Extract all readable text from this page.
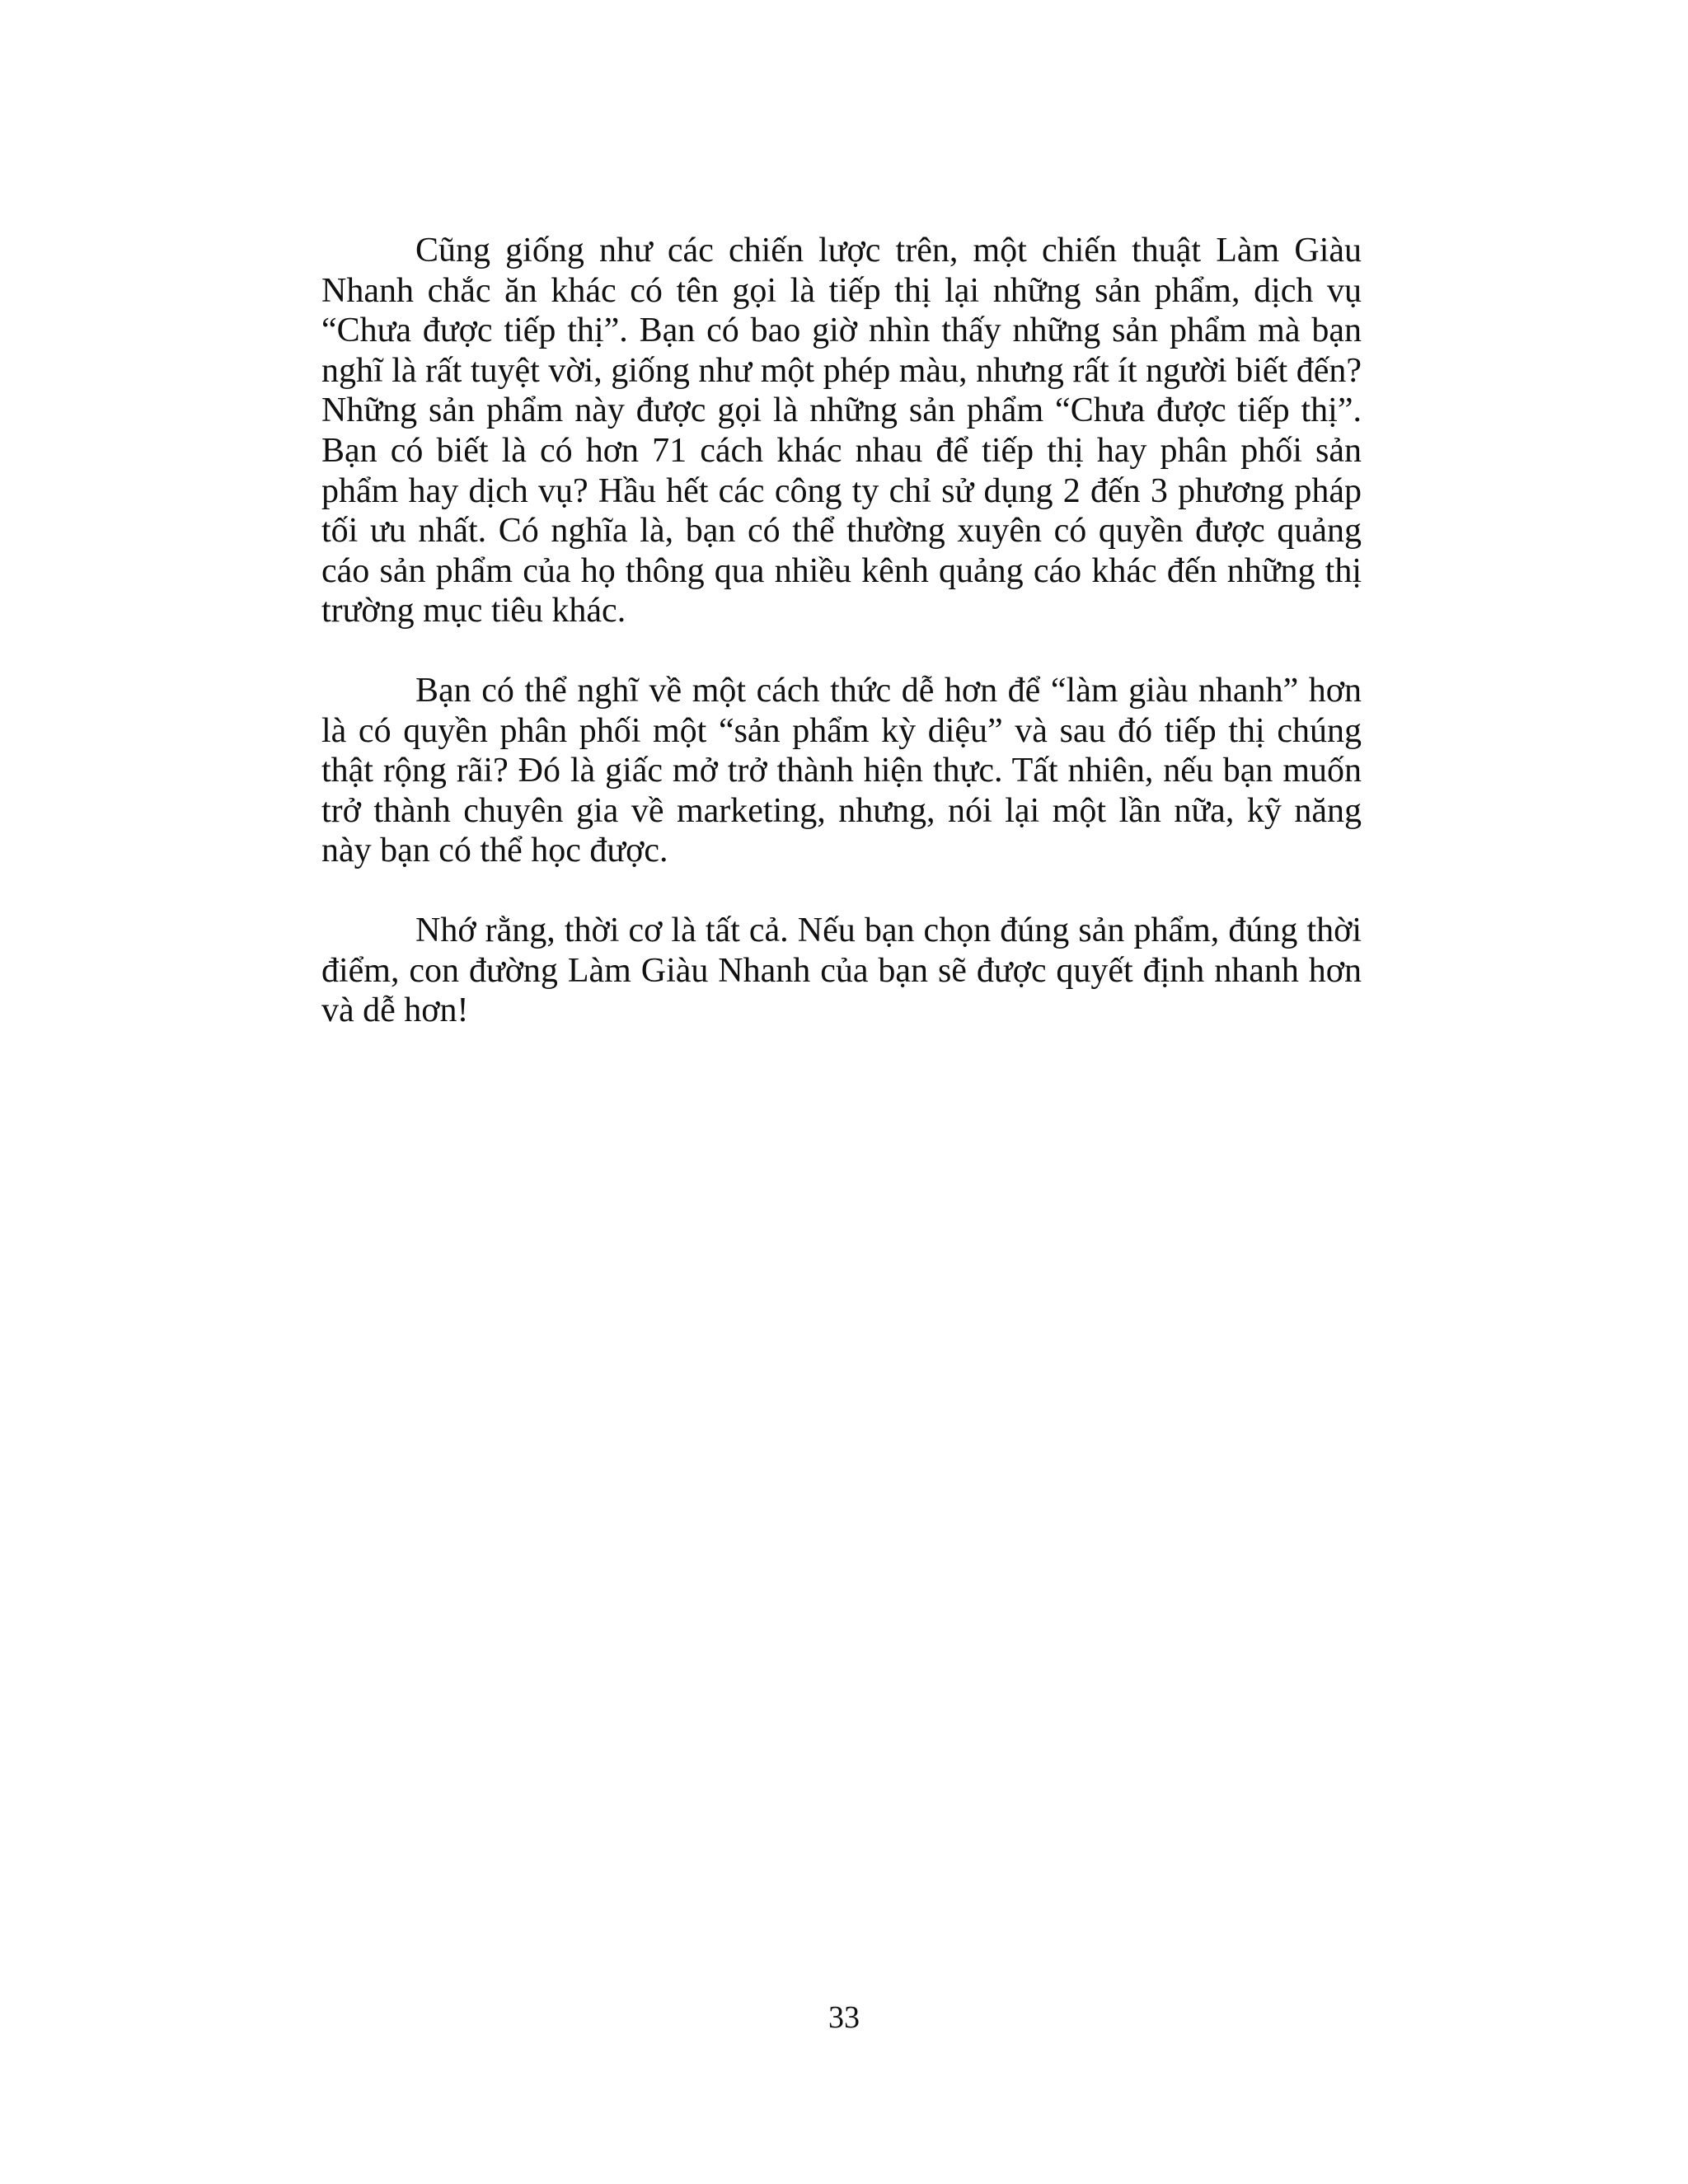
Cũng giống như các chiến lược trên, một chiến thuật Làm Giàu Nhanh chắc ăn khác có tên gọi là tiếp thị lại những sản phẩm, dịch vụ “Chưa được tiếp thị”. Bạn có bao giờ nhìn thấy những sản phẩm mà bạn nghĩ là rất tuyệt vời, giống như một phép màu, nhưng rất ít người biết đến? Những sản phẩm này được gọi là những sản phẩm “Chưa được tiếp thị”. Bạn có biết là có hơn 71 cách khác nhau để tiếp thị hay phân phối sản phẩm hay dịch vụ? Hầu hết các công ty chỉ sử dụng 2 đến 3 phương pháp tối ưu nhất. Có nghĩa là, bạn có thể thường xuyên có quyền được quảng cáo sản phẩm của họ thông qua nhiều kênh quảng cáo khác đến những thị trường mục tiêu khác.

Bạn có thể nghĩ về một cách thức dễ hơn để “làm giàu nhanh” hơn là có quyền phân phối một “sản phẩm kỳ diệu” và sau đó tiếp thị chúng thật rộng rãi? Đó là giấc mở trở thành hiện thực. Tất nhiên, nếu bạn muốn trở thành chuyên gia về marketing, nhưng, nói lại một lần nữa, kỹ năng này bạn có thể học được.

Nhớ rằng, thời cơ là tất cả. Nếu bạn chọn đúng sản phẩm, đúng thời điểm, con đường Làm Giàu Nhanh của bạn sẽ được quyết định nhanh hơn và dễ hơn!

33
